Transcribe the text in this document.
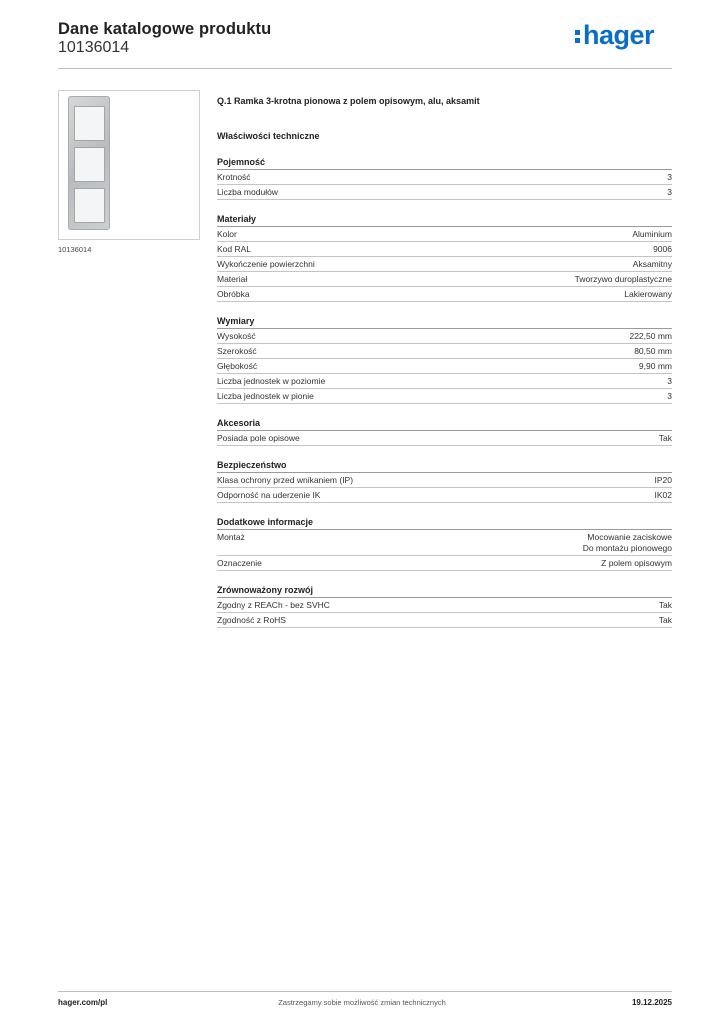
Dane katalogowe produktu
10136014	hager
10136014
Q.1 Ramka 3-krotna pionowa z polem opisowym, alu, aksamit
Właściwości techniczne
Pojemność
Krotność	3
Liczba modułów	3
Materiały
Kolor	Aluminium
Kod RAL	9006
Wykończenie powierzchni	Aksamitny
Materiał	Tworzywo duroplastyczne
Obróbka	Lakierowany
Wymiary
Wysokość	222,50 mm
Szerokość	80,50 mm
Głębokość	9,90 mm
Liczba jednostek w poziomie	3
Liczba jednostek w pionie	3
Akcesoria
Posiada pole opisowe	Tak
Bezpieczeństwo
Klasa ochrony przed wnikaniem (IP)	IP20
Odporność na uderzenie IK	IK02
Dodatkowe informacje
Montaż	Mocowanie zaciskowe
Do montażu pionowego
Oznaczenie	Z polem opisowym
Zrównoważony rozwój
Zgodny z REACh - bez SVHC	Tak
Zgodność z RoHS	Tak
Zastrzegamy sobie możliwość zmian technicznych
hager.com/pl	19.12.2025
